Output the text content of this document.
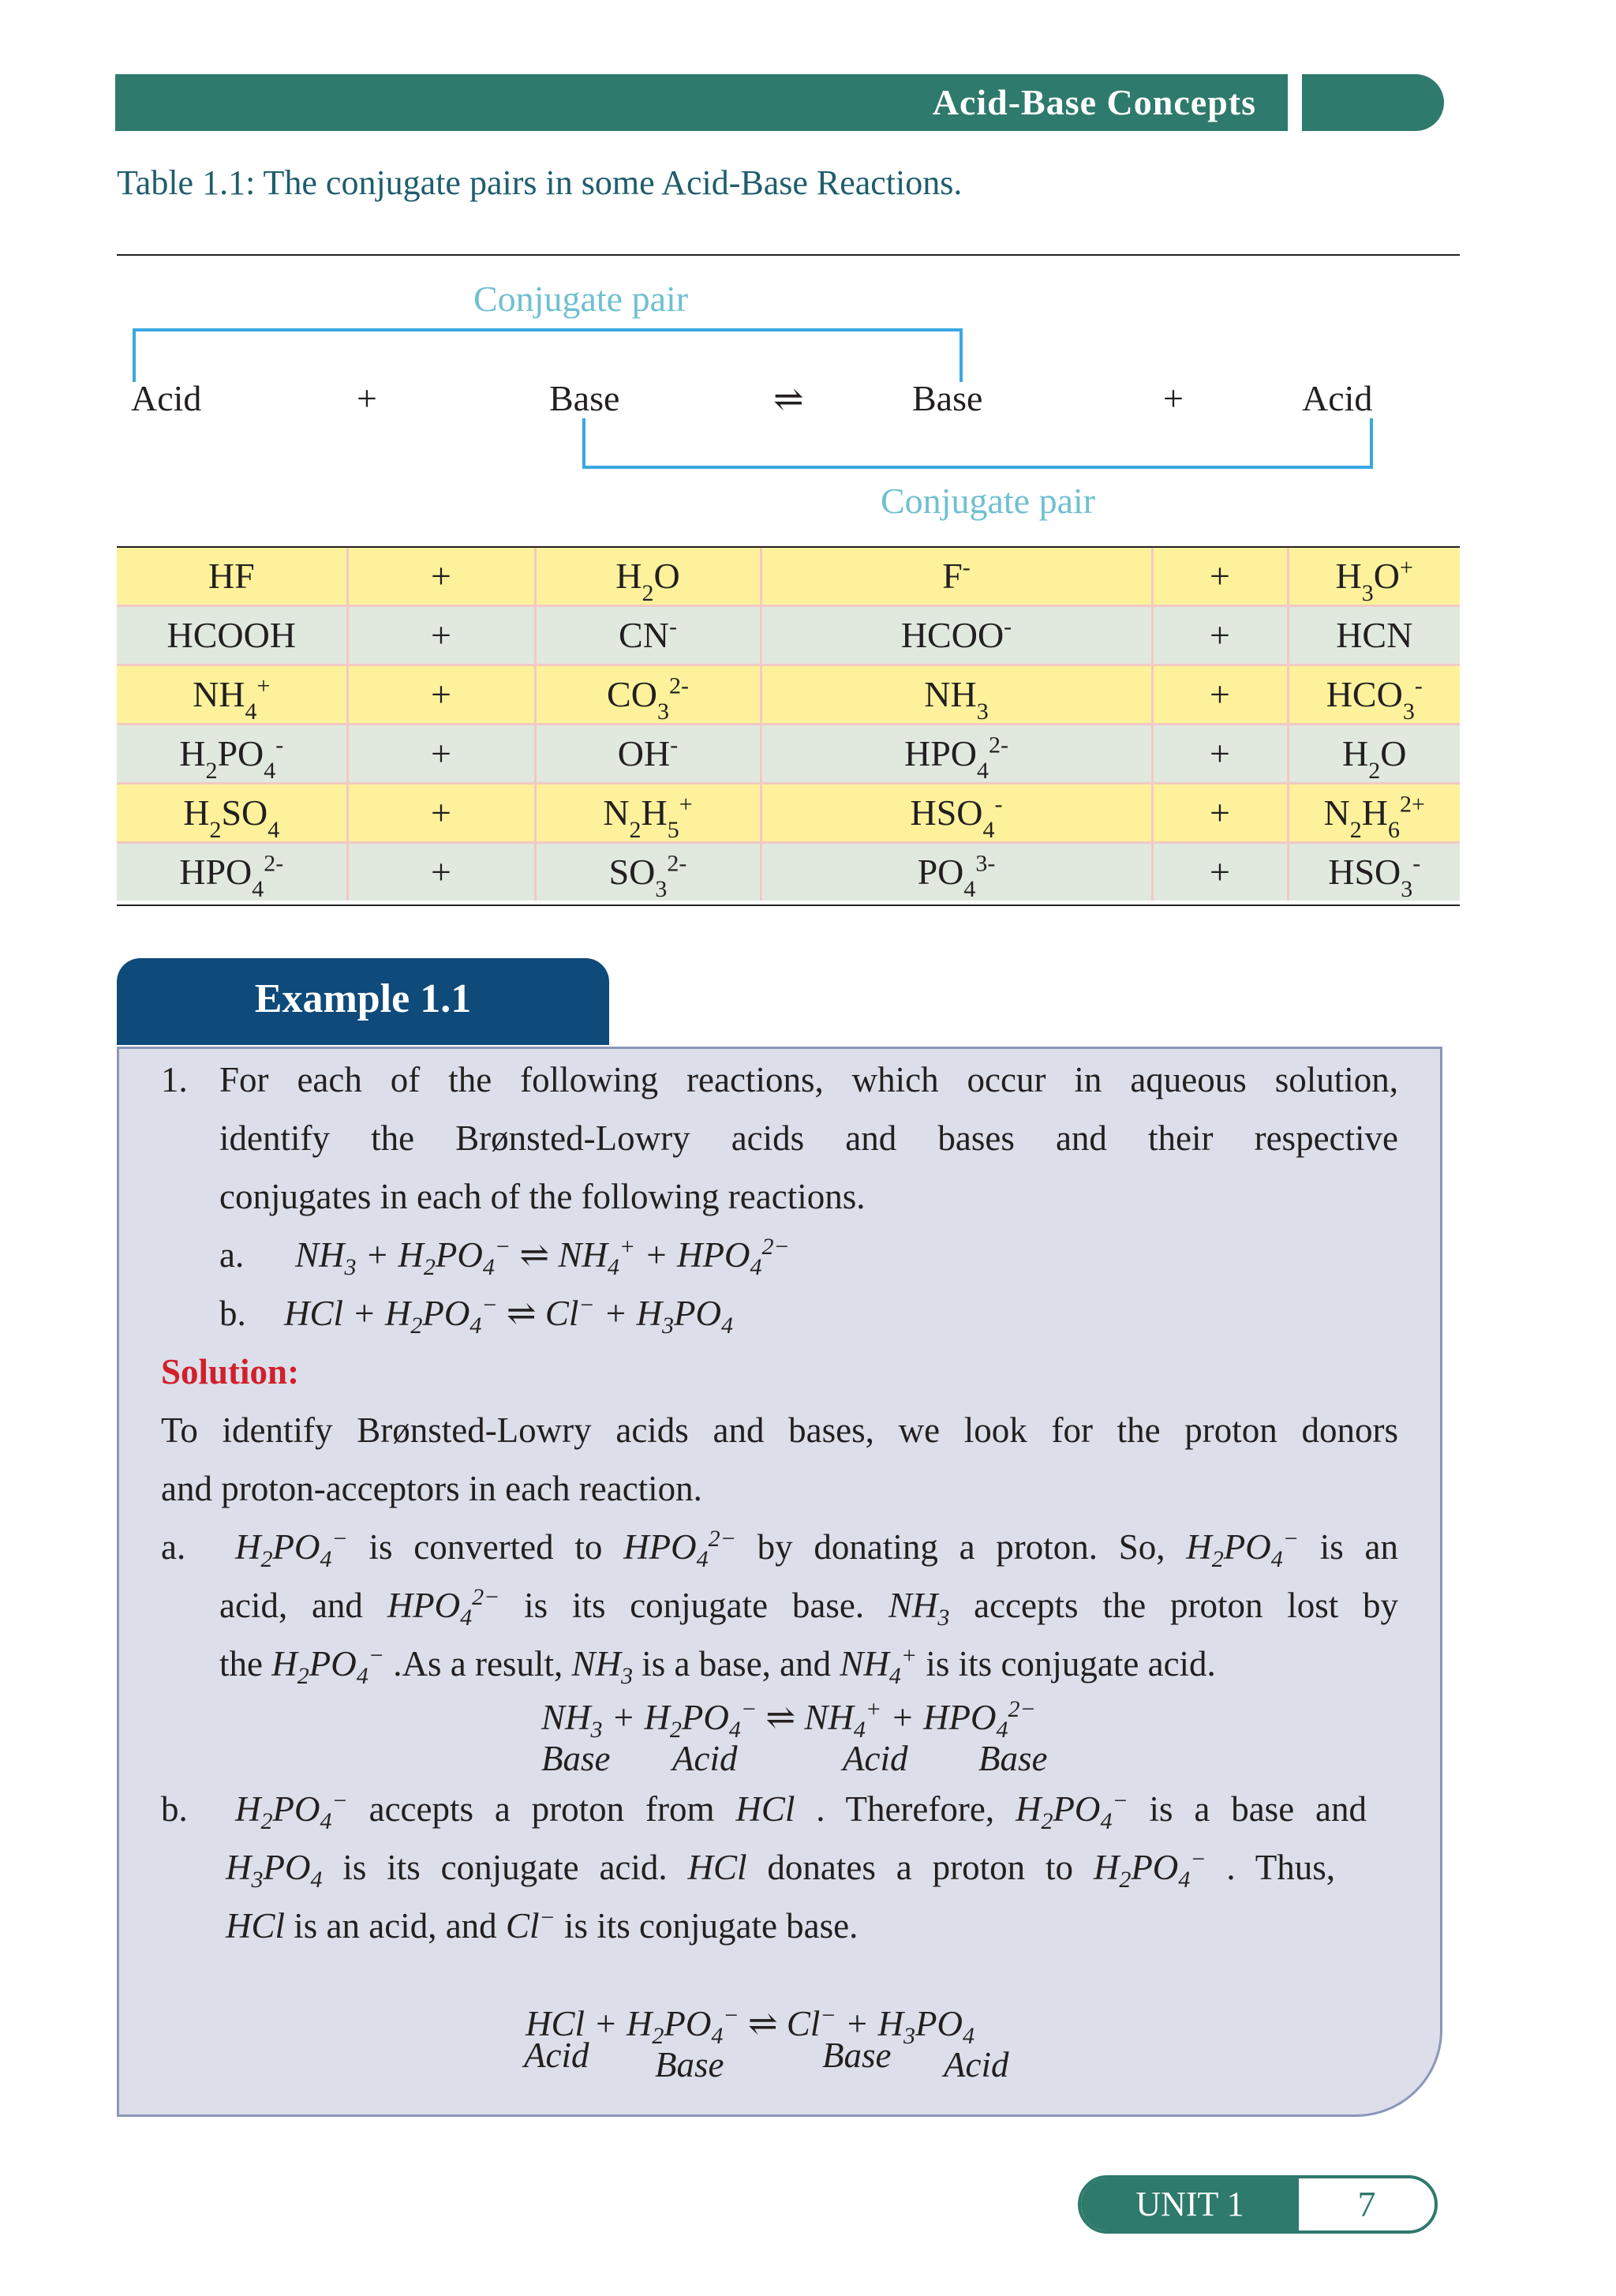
Acid-Base Concepts
Table 1.1: The conjugate pairs in some Acid-Base Reactions.
Conjugate pair
Acid	+	Base	⇌	Base	+	Acid
Conjugate pair
HF	+	$H_2O$	F-	+	$H_3O^+$
HCOOH	+	CN-	HCOO-	+	HCN
$NH_4^+$	+	$CO_3^{2-}$	$NH_3$	+	$HCO_3^-$
$H_2PO_4^-$	+	OH-	$HPO_4^{2-}$	+	$H_2O$
$H_2SO_4$	+	$N_2H_5^+$	$HSO_4^-$	+	$N_2H_6^{2+}$
$HPO_4^{2-}$	+	$SO_3^{2-}$	$PO_4^{3-}$	+	$HSO_3^-$
Example 1.1
1. For each of the following reactions, which occur in aqueous solution,
identify the Brønsted-Lowry acids and bases and their respective
conjugates in each of the following reactions.
a. $NH_3 + H_2PO_4^-$ ⇌ $NH_4^+ + HPO_4^{2-}$
b. HCl + $H_2PO_4^-$ ⇌ $Cl^- + H_3PO_4$
Solution:
To identify Brønsted-Lowry acids and bases, we look for the proton donors
and proton-acceptors in each reaction.
a. $H_2PO_4^-$ is converted to $HPO_4^{2-}$ by donating a proton. So, $H_2PO_4^-$ is an
acid, and $HPO_4^{2-}$ is its conjugate base. $NH_3$ accepts the proton lost by
the $H_2PO_4^-$ .As a result, $NH_3$ is a base, and $NH_4^+$ is its conjugate acid.
$NH_3 + H_2PO_4^-$ ⇌ $NH_4^+ + HPO_4^{2-}$
Base Acid	Acid Base
b. $H_2PO_4^-$ accepts a proton from HCl . Therefore, $H_2PO_4^-$ is a base and
$H_3PO_4$ is its conjugate acid. HCl donates a proton to $H_2PO_4^-$ . Thus,
HCl is an acid, and Cl− is its conjugate base.
HCl + $H_2PO_4^-$ ⇌ $Cl^- + H_3PO_4$
Acid Base	Base Acid
UNIT 1	7
